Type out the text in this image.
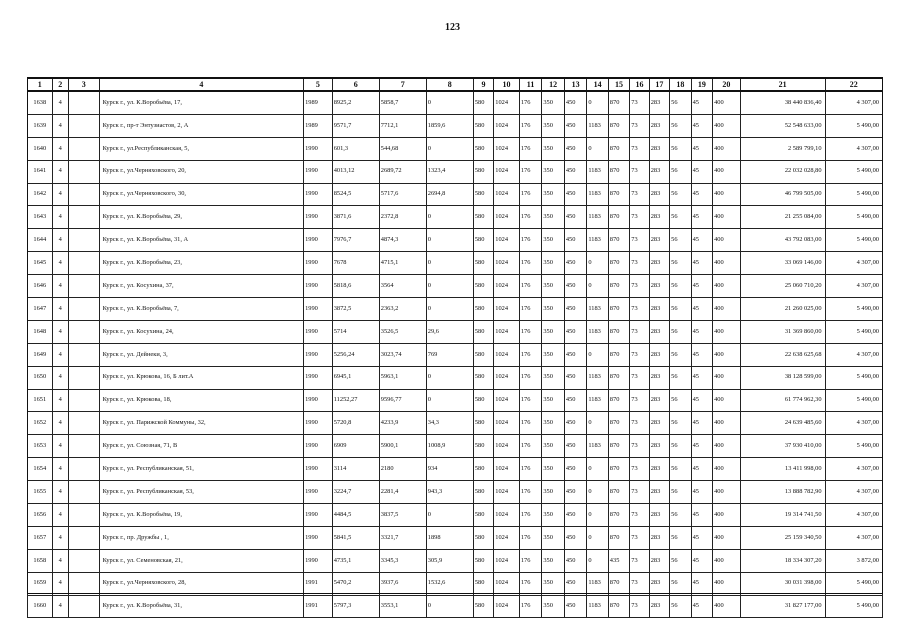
123
1	2	3	4	5	6	7	8	9	10	11	12	13	14	15	16	17	18	19	20	21	22
1638	4		Курск г., ул. К.Воробьёва, 17,	1989	8925,2	5858,7	0	580	1024	176	350	450	0	870	73	283	56	45	400	38 440 836,40	4 307,00
1639	4		Курск г., пр-т Энтузиастов, 2, А	1989	9571,7	7712,1	1859,6	580	1024	176	350	450	1183	870	73	283	56	45	400	52 548 633,00	5 490,00
1640	4		Курск г., ул.Республиканская, 5,	1990	601,3	544,68	0	580	1024	176	350	450	0	870	73	283	56	45	400	2 589 799,10	4 307,00
1641	4		Курск г., ул.Черняховского, 20,	1990	4013,12	2689,72	1323,4	580	1024	176	350	450	1183	870	73	283	56	45	400	22 032 028,80	5 490,00
1642	4		Курск г., ул.Черняховского, 30,	1990	8524,5	5717,6	2694,8	580	1024	176	350	450	1183	870	73	283	56	45	400	46 799 505,00	5 490,00
1643	4		Курск г., ул. К.Воробьёва, 29,	1990	3871,6	2372,8	0	580	1024	176	350	450	1183	870	73	283	56	45	400	21 255 084,00	5 490,00
1644	4		Курск г., ул. К.Воробьёва, 31, А	1990	7976,7	4874,3	0	580	1024	176	350	450	1183	870	73	283	56	45	400	43 792 083,00	5 490,00
1645	4		Курск г., ул. К.Воробьёва, 23,	1990	7678	4715,1	0	580	1024	176	350	450	0	870	73	283	56	45	400	33 069 146,00	4 307,00
1646	4		Курск г., ул. Косухина, 37,	1990	5818,6	3564	0	580	1024	176	350	450	0	870	73	283	56	45	400	25 060 710,20	4 307,00
1647	4		Курск г., ул. К.Воробьёва, 7,	1990	3872,5	2363,2	0	580	1024	176	350	450	1183	870	73	283	56	45	400	21 260 025,00	5 490,00
1648	4		Курск г., ул. Косухина, 24,	1990	5714	3526,5	29,6	580	1024	176	350	450	1183	870	73	283	56	45	400	31 369 860,00	5 490,00
1649	4		Курск г., ул. Дейнеки, 3,	1990	5256,24	3023,74	769	580	1024	176	350	450	0	870	73	283	56	45	400	22 638 625,68	4 307,00
1650	4		Курск г., ул. Крюкова, 16, Б лит.А	1990	6945,1	5963,1	0	580	1024	176	350	450	1183	870	73	283	56	45	400	38 128 599,00	5 490,00
1651	4		Курск г., ул. Крюкова, 18,	1990	11252,27	9596,77	0	580	1024	176	350	450	1183	870	73	283	56	45	400	61 774 962,30	5 490,00
1652	4		Курск г., ул. Парижской Коммуны, 32,	1990	5720,8	4233,9	34,3	580	1024	176	350	450	0	870	73	283	56	45	400	24 639 485,60	4 307,00
1653	4		Курск г., ул. Союзная, 71, В	1990	6909	5900,1	1008,9	580	1024	176	350	450	1183	870	73	283	56	45	400	37 930 410,00	5 490,00
1654	4		Курск г., ул. Республиканская, 51,	1990	3114	2180	934	580	1024	176	350	450	0	870	73	283	56	45	400	13 411 998,00	4 307,00
1655	4		Курск г., ул. Республиканская, 53,	1990	3224,7	2281,4	943,3	580	1024	176	350	450	0	870	73	283	56	45	400	13 888 782,90	4 307,00
1656	4		Курск г., ул. К.Воробьёва, 19,	1990	4484,5	3837,5	0	580	1024	176	350	450	0	870	73	283	56	45	400	19 314 741,50	4 307,00
1657	4		Курск г., пр. Дружбы , 1,	1990	5841,5	3321,7	1898	580	1024	176	350	450	0	870	73	283	56	45	400	25 159 340,50	4 307,00
1658	4		Курск г., ул. Семеновская, 21,	1990	4735,1	3345,3	305,9	580	1024	176	350	450	0	435	73	283	56	45	400	18 334 307,20	3 872,00
1659	4		Курск г., ул.Черняховского, 28,	1991	5470,2	3937,6	1532,6	580	1024	176	350	450	1183	870	73	283	56	45	400	30 031 398,00	5 490,00
1660	4		Курск г., ул. К.Воробьёва, 31,	1991	5797,3	3553,1	0	580	1024	176	350	450	1183	870	73	283	56	45	400	31 827 177,00	5 490,00
